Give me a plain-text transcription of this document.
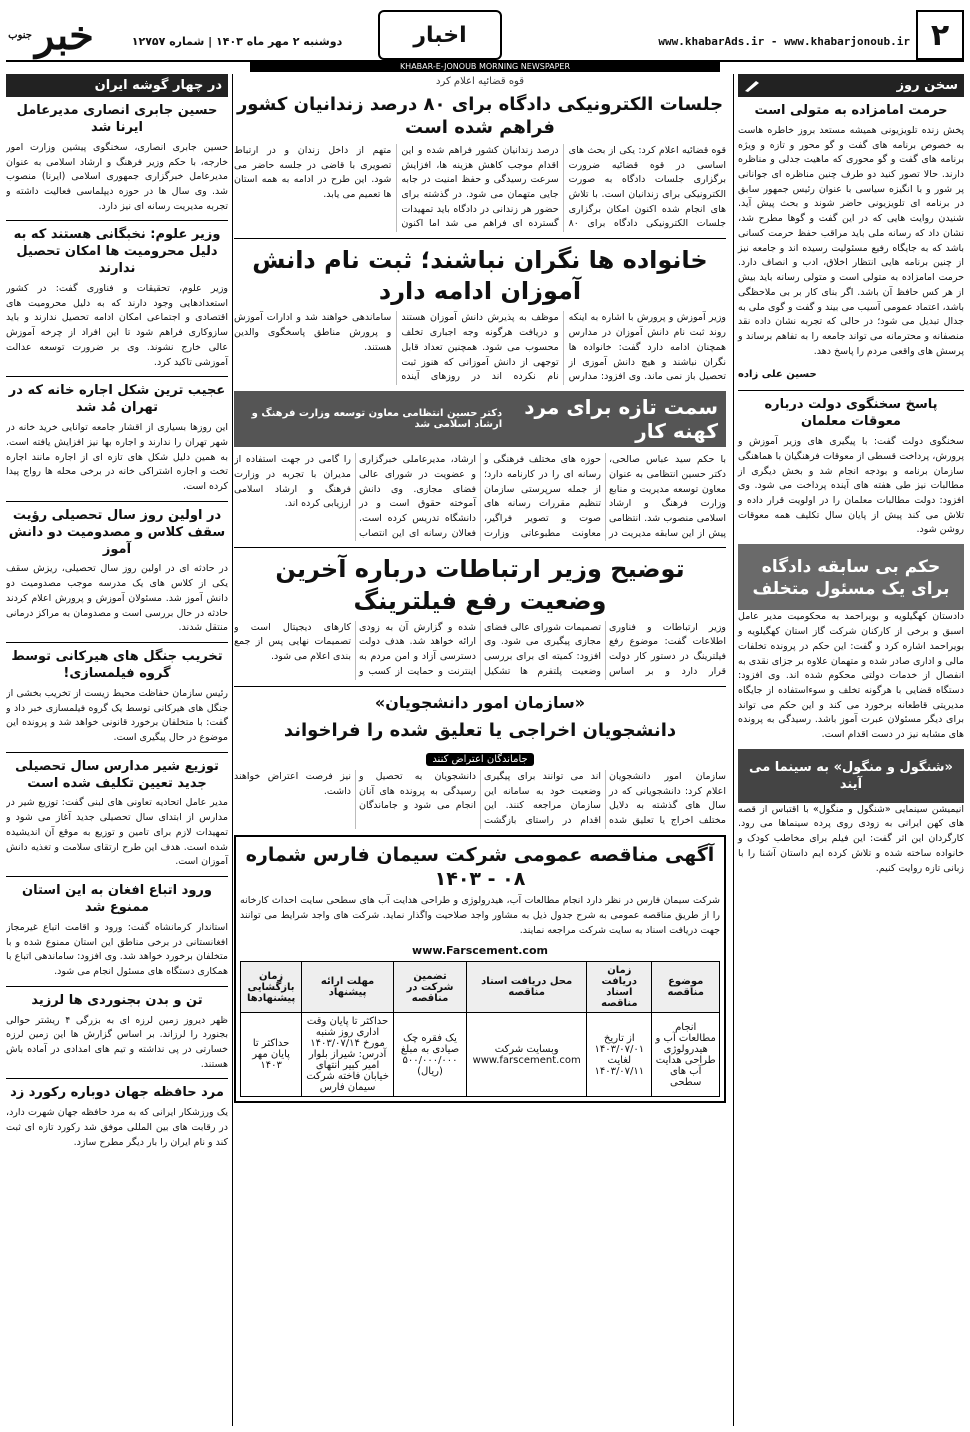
۲
www.khabarAds.ir - www.khabarjonoub.ir
اخبار
دوشنبه ۲ مهر ماه ۱۴۰۳ | شماره ۱۲۷۵۷
خبر
جنوب
KHABAR-E-JONOUB MORNING NEWSPAPER
سخن روز
حرمت امامزاده به متولی است

پخش زنده تلویزیونی همیشه مستعد بروز خاطره هاست به خصوص برنامه های گفت و گو محور و تازه و ویژه برنامه های گفت و گو محوری که ماهیت جدلی و مناظره دارند. حالا تصور کنید دو طرف چنین مناظره ای جوانانی پر شور و با انگیزه سیاسی با عنوان رئیس جمهور سابق در برنامه ای تلویزیونی حاضر شوند و بحث پیش آید. شنیدن روایت هایی که در این گفت و گوها مطرح شد، نشان داد که رسانه ملی باید مراقب حفظ حرمت کسانی باشد که به جایگاه رفیع مسئولیت رسیده اند و جامعه نیز از چنین برنامه هایی انتظار اخلاق، ادب و انصاف دارد. حرمت امامزاده به متولی است و متولی رسانه باید بیش از هر کس حافظ آن باشد. اگر بنای کار بر بی ملاحظگی باشد، اعتماد عمومی آسیب می بیند و گفت و گوی ملی به جدال تبدیل می شود؛ در حالی که تجربه نشان داده نقد منصفانه و محترمانه می تواند جامعه را به تفاهم برساند و پرسش های واقعی مردم را پاسخ دهد.

حسین علی زاده

پاسخ سخنگوی دولت درباره معوقات معلمان

سخنگوی دولت گفت: با پیگیری های وزیر آموزش و پرورش، پرداخت قسطی از معوقات فرهنگیان با هماهنگی سازمان برنامه و بودجه انجام شد و بخش دیگری از مطالبات نیز طی هفته های آینده پرداخت می شود. وی افزود: دولت مطالبات معلمان را در اولویت قرار داده و تلاش می کند پیش از پایان سال تکلیف همه معوقات روشن شود.

حکم بی سابقه دادگاه برای یک مسئول متخلف

دادستان کهگیلویه و بویراحمد به محکومیت مدیر عامل اسبق و برخی از کارکنان شرکت گاز استان کهگیلویه و بویراحمد اشاره کرد و گفت: این حکم در پرونده تخلفات مالی و اداری صادر شده و متهمان علاوه بر جزای نقدی به انفصال از خدمات دولتی محکوم شده اند. وی افزود: دستگاه قضایی با هرگونه تخلف و سوءاستفاده از جایگاه مدیریتی قاطعانه برخورد می کند و این حکم می تواند برای دیگر مسئولان عبرت آموز باشد. رسیدگی به پرونده های مشابه نیز در دست اقدام است.

«شنگول و منگول» به سینما می آیند

انیمیشن سینمایی «شنگول و منگول» با اقتباس از قصه های کهن ایرانی به زودی روی پرده سینماها می رود. کارگردان این اثر گفت: این فیلم برای مخاطب کودک و خانواده ساخته شده و تلاش کرده ایم داستان آشنا را با زبانی تازه روایت کنیم.

قوه قضائیه اعلام کرد
جلسات الکترونیکی دادگاه برای ۸۰ درصد زندانیان کشور فراهم شده است

قوه قضائیه اعلام کرد: یکی از بحث های اساسی در قوه قضائیه ضرورت برگزاری جلسات دادگاه به صورت الکترونیکی برای زندانیان است. با تلاش های انجام شده اکنون امکان برگزاری جلسات الکترونیکی دادگاه برای ۸۰ درصد زندانیان کشور فراهم شده و این اقدام موجب کاهش هزینه ها، افزایش سرعت رسیدگی و حفظ امنیت در جابه جایی متهمان می شود. در گذشته برای حضور هر زندانی در دادگاه باید تمهیدات گسترده ای فراهم می شد اما اکنون متهم از داخل زندان و در ارتباط تصویری با قاضی در جلسه حاضر می شود. این طرح در ادامه به همه استان ها تعمیم می یابد.

خانواده ها نگران نباشند؛ ثبت نام دانش آموزان ادامه دارد

وزیر آموزش و پرورش با اشاره به اینکه روند ثبت نام دانش آموزان در مدارس همچنان ادامه دارد گفت: خانواده ها نگران نباشند و هیچ دانش آموزی از تحصیل باز نمی ماند. وی افزود: مدارس موظف به پذیرش دانش آموزان هستند و دریافت هرگونه وجه اجباری تخلف محسوب می شود. همچنین تعداد قابل توجهی از دانش آموزانی که هنوز ثبت نام نکرده اند در روزهای آینده ساماندهی خواهند شد و ادارات آموزش و پرورش مناطق پاسخگوی والدین هستند.

سمت تازه برای مرد کهنه کار
دکتر حسین انتظامی معاون توسعه وزارت فرهنگ و ارشاد اسلامی شد

با حکم سید عباس صالحی، دکتر حسین انتظامی به عنوان معاون توسعه مدیریت و منابع وزارت فرهنگ و ارشاد اسلامی منصوب شد. انتظامی پیش از این سابقه مدیریت در حوزه های مختلف فرهنگی و رسانه ای را در کارنامه دارد؛ از جمله سرپرستی سازمان تنظیم مقررات رسانه های صوت و تصویر فراگیر، معاونت مطبوعاتی وزارت ارشاد، مدیرعاملی خبرگزاری و عضویت در شورای عالی فضای مجازی. وی دانش آموخته حقوق است و در دانشگاه تدریس کرده است. فعالان رسانه ای این انتصاب را گامی در جهت استفاده از مدیران با تجربه در وزارت فرهنگ و ارشاد اسلامی ارزیابی کرده اند.

توضیح وزیر ارتباطات درباره آخرین وضعیت رفع فیلترینگ

وزیر ارتباطات و فناوری اطلاعات گفت: موضوع رفع فیلترینگ در دستور کار دولت قرار دارد و بر اساس تصمیمات شورای عالی فضای مجازی پیگیری می شود. وی افزود: کمیته ای برای بررسی وضعیت پلتفرم ها تشکیل شده و گزارش آن به زودی ارائه خواهد شد. هدف دولت دسترسی آزاد و امن مردم به اینترنت و حمایت از کسب و کارهای دیجیتال است و تصمیمات نهایی پس از جمع بندی اعلام می شود.

«سازمان امور دانشجویان»
دانشجویان اخراجی یا تعلیق شده را فراخواند
جاماندگان اعتراض کنند

سازمان امور دانشجویان اعلام کرد: دانشجویانی که در سال های گذشته به دلایل مختلف اخراج یا تعلیق شده اند می توانند برای پیگیری وضعیت خود به سامانه این سازمان مراجعه کنند. این اقدام در راستای بازگشت دانشجویان به تحصیل و رسیدگی به پرونده های آنان انجام می شود و جاماندگان نیز فرصت اعتراض خواهند داشت.

آگهی مناقصه عمومی شرکت سیمان فارس شماره ۰۸ - ۱۴۰۳

شرکت سیمان فارس در نظر دارد انجام مطالعات آب، هیدرولوژی و طراحی هدایت آب های سطحی سایت احداث کارخانه را از طریق مناقصه عمومی به شرح جدول ذیل به مشاور واجد صلاحیت واگذار نماید. شرکت های واجد شرایط می توانند جهت دریافت اسناد به سایت شرکت مراجعه نمایند.

www.Farscement.com
موضوع مناقصه	زمان دریافت اسناد مناقصه	محل دریافت اسناد مناقصه	تضمین شرکت در مناقصه	مهلت ارائه پیشنهاد	زمان بازگشایی پیشنهادها
انجام مطالعات آب و هیدرولوژی طراحی هدایت آب های سطحی	از تاریخ ۱۴۰۳/۰۷/۰۱ لغایت ۱۴۰۳/۰۷/۱۱	وبسایت شرکت www.farscement.com	یک فقره چک صیادی به مبلغ ۵۰۰/۰۰۰/۰۰۰ (ریال)	حداکثر تا پایان وقت اداری روز شنبه مورخ ۱۴۰۳/۰۷/۱۴ آدرس: شیراز بلوار امیر کبیر انتهای خیابان فاخته شرکت سیمان فارس	حداکثر تا پایان مهر ۱۴۰۳
در چهار گوشه ایران
حسین جابری انصاری مدیرعامل ایرنا شد

حسین جابری انصاری، سخنگوی پیشین وزارت امور خارجه، با حکم وزیر فرهنگ و ارشاد اسلامی به عنوان مدیرعامل خبرگزاری جمهوری اسلامی (ایرنا) منصوب شد. وی سال ها در حوزه دیپلماسی فعالیت داشته و تجربه مدیریت رسانه ای نیز دارد.

وزیر علوم: نخبگانی هستند که به دلیل محرومیت ها امکان تحصیل ندارند

وزیر علوم، تحقیقات و فناوری گفت: در کشور استعدادهایی وجود دارند که به دلیل محرومیت های اقتصادی و اجتماعی امکان ادامه تحصیل ندارند و باید سازوکاری فراهم شود تا این افراد از چرخه آموزش عالی خارج نشوند. وی بر ضرورت توسعه عدالت آموزشی تاکید کرد.

عجیب ترین شکل اجاره خانه که در تهران مُد شد

این روزها بسیاری از اقشار جامعه توانایی خرید خانه در شهر تهران را ندارند و اجاره بها نیز افزایش یافته است. به همین دلیل شکل های تازه ای از اجاره مانند اجاره تخت و اجاره اشتراکی خانه در برخی محله ها رواج پیدا کرده است.

در اولین روز سال تحصیلی رؤیت سقف کلاس و مصدومیت دو دانش آموز

در حادثه ای در اولین روز سال تحصیلی، ریزش سقف یکی از کلاس های یک مدرسه موجب مصدومیت دو دانش آموز شد. مسئولان آموزش و پرورش اعلام کردند حادثه در حال بررسی است و مصدومان به مراکز درمانی منتقل شدند.

تخریب جنگل های هیرکانی توسط گروه فیلمسازی!

رئیس سازمان حفاظت محیط زیست از تخریب بخشی از جنگل های هیرکانی توسط یک گروه فیلمسازی خبر داد و گفت: با متخلفان برخورد قانونی خواهد شد و پرونده این موضوع در حال پیگیری است.

توزیع شیر مدارس سال تحصیلی جدید تعیین تکلیف شده است

مدیر عامل اتحادیه تعاونی های لبنی گفت: توزیع شیر در مدارس از ابتدای سال تحصیلی جدید آغاز می شود و تمهیدات لازم برای تامین و توزیع به موقع آن اندیشیده شده است. هدف این طرح ارتقای سلامت و تغذیه دانش آموزان است.

ورود اتباع افغان به این استان ممنوع شد

استاندار کرمانشاه گفت: ورود و اقامت اتباع غیرمجاز افغانستانی در برخی مناطق این استان ممنوع شده و با متخلفان برخورد خواهد شد. وی افزود: ساماندهی اتباع با همکاری دستگاه های مسئول انجام می شود.

تن و بدن بجنوردی ها لرزید

ظهر دیروز زمین لرزه ای به بزرگی ۴ ریشتر حوالی بجنورد را لرزاند. بر اساس گزارش ها این زمین لرزه خسارتی در پی نداشته و تیم های امدادی در آماده باش هستند.

مرد حافظه جهان دوباره رکورد زد

یک ورزشکار ایرانی که به مرد حافظه جهان شهرت دارد، در رقابت های بین المللی موفق شد رکورد تازه ای ثبت کند و نام ایران را بار دیگر مطرح سازد.
